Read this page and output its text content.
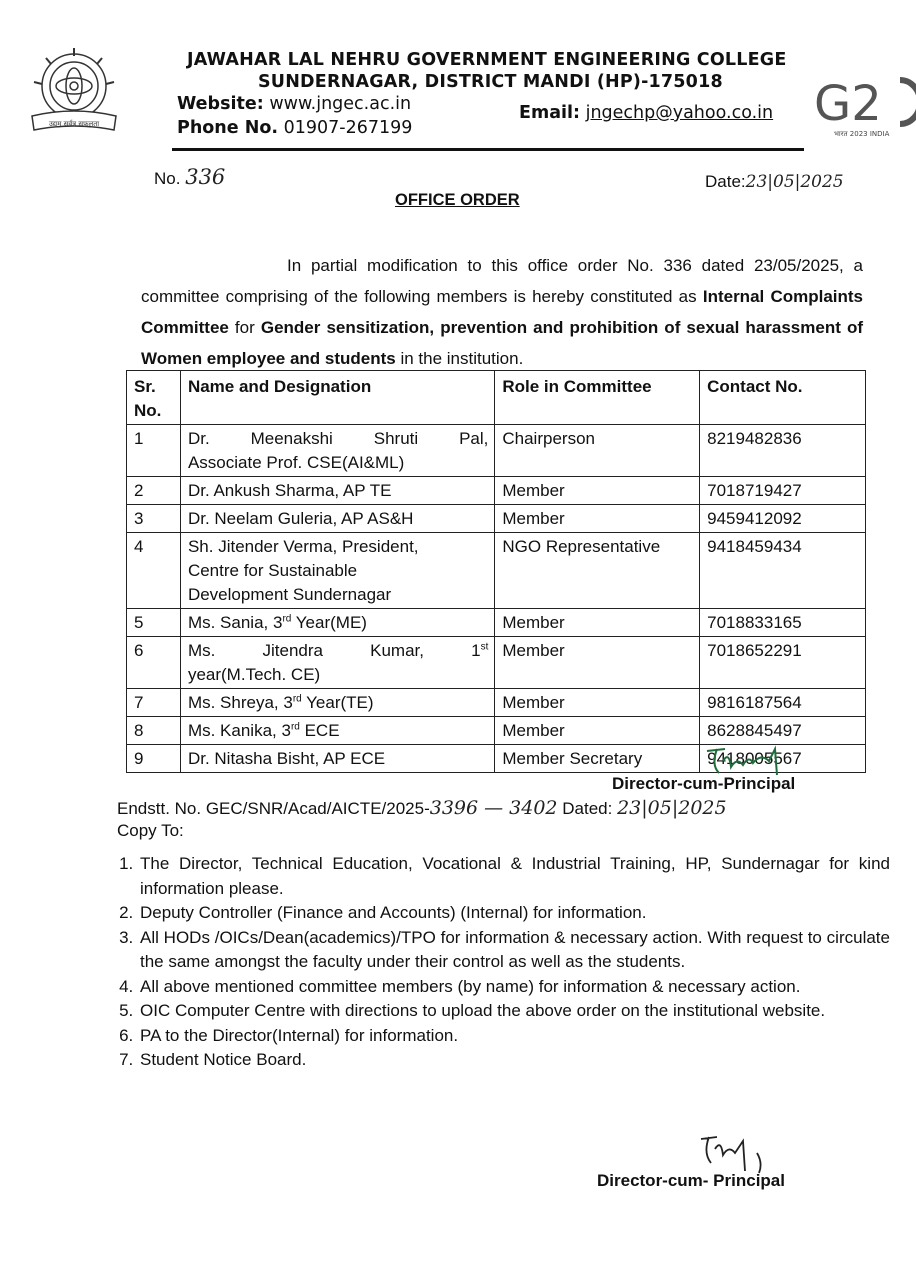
उद्यम सर्वत्र सफलता
JAWAHAR LAL NEHRU GOVERNMENT ENGINEERING COLLEGE
SUNDERNAGAR, DISTRICT MANDI (HP)-175018
Website: www.jngec.ac.in	Email: jngechp@yahoo.co.in
Phone No. 01907-267199	G2
भारत 2023 INDIA
No. 336	Date:23|05|2025
OFFICE ORDER
In partial modification to this office order No. 336 dated 23/05/2025, a committee comprising of the following members is hereby constituted as Internal Complaints Committee for Gender sensitization, prevention and prohibition of sexual harassment of Women employee and students in the institution.
Sr. No.	Name and Designation	Role in Committee	Contact No.
1	Dr. Meenakshi Shruti Pal,
Associate Prof. CSE(AI&ML)	Chairperson	8219482836
2	Dr. Ankush Sharma, AP TE	Member	7018719427
3	Dr. Neelam Guleria, AP AS&H	Member	9459412092
4	Sh. Jitender Verma, President,
Centre for Sustainable
Development Sundernagar	NGO Representative	9418459434
5	Ms. Sania, 3rd Year(ME)	Member	7018833165
6	Ms. Jitendra Kumar, 1st
year(M.Tech. CE)	Member	7018652291
7	Ms. Shreya, 3rd Year(TE)	Member	9816187564
8	Ms. Kanika, 3rd ECE	Member	8628845497
9	Dr. Nitasha Bisht, AP ECE	Member Secretary	9418005567
Director-cum-Principal
Endstt. No. GEC/SNR/Acad/AICTE/2025-3396 — 3402 Dated: 23|05|2025
Copy To:
1. The Director, Technical Education, Vocational & Industrial Training, HP, Sundernagar for kind information please.
2. Deputy Controller (Finance and Accounts) (Internal) for information.
3. All HODs /OICs/Dean(academics)/TPO for information & necessary action. With request to circulate the same amongst the faculty under their control as well as the students.
4. All above mentioned committee members (by name) for information & necessary action.
5. OIC Computer Centre with directions to upload the above order on the institutional website.
6. PA to the Director(Internal) for information.
7. Student Notice Board.
Director-cum- Principal
